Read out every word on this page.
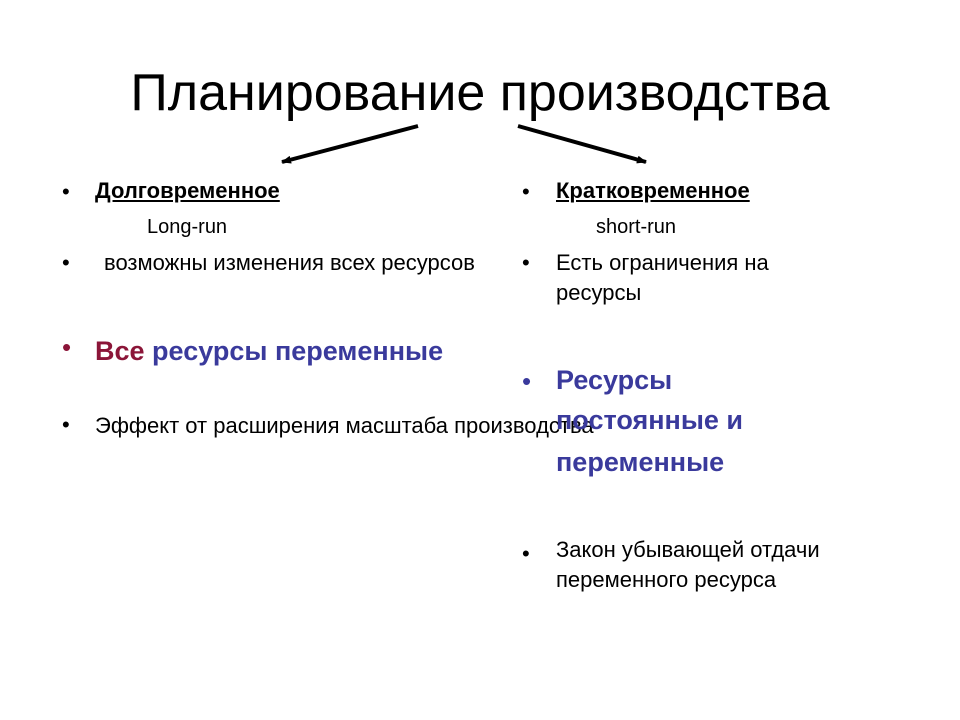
Планирование производства
• Долговременное
Long-run
• возможны изменения всех ресурсов
• Все ресурсы переменные
• Эффект от расширения масштаба производства
• Кратковременное
short-run
• Есть ограничения на
ресурсы
• Ресурсы
постоянные и
переменные
• Закон убывающей отдачи
переменного ресурса
